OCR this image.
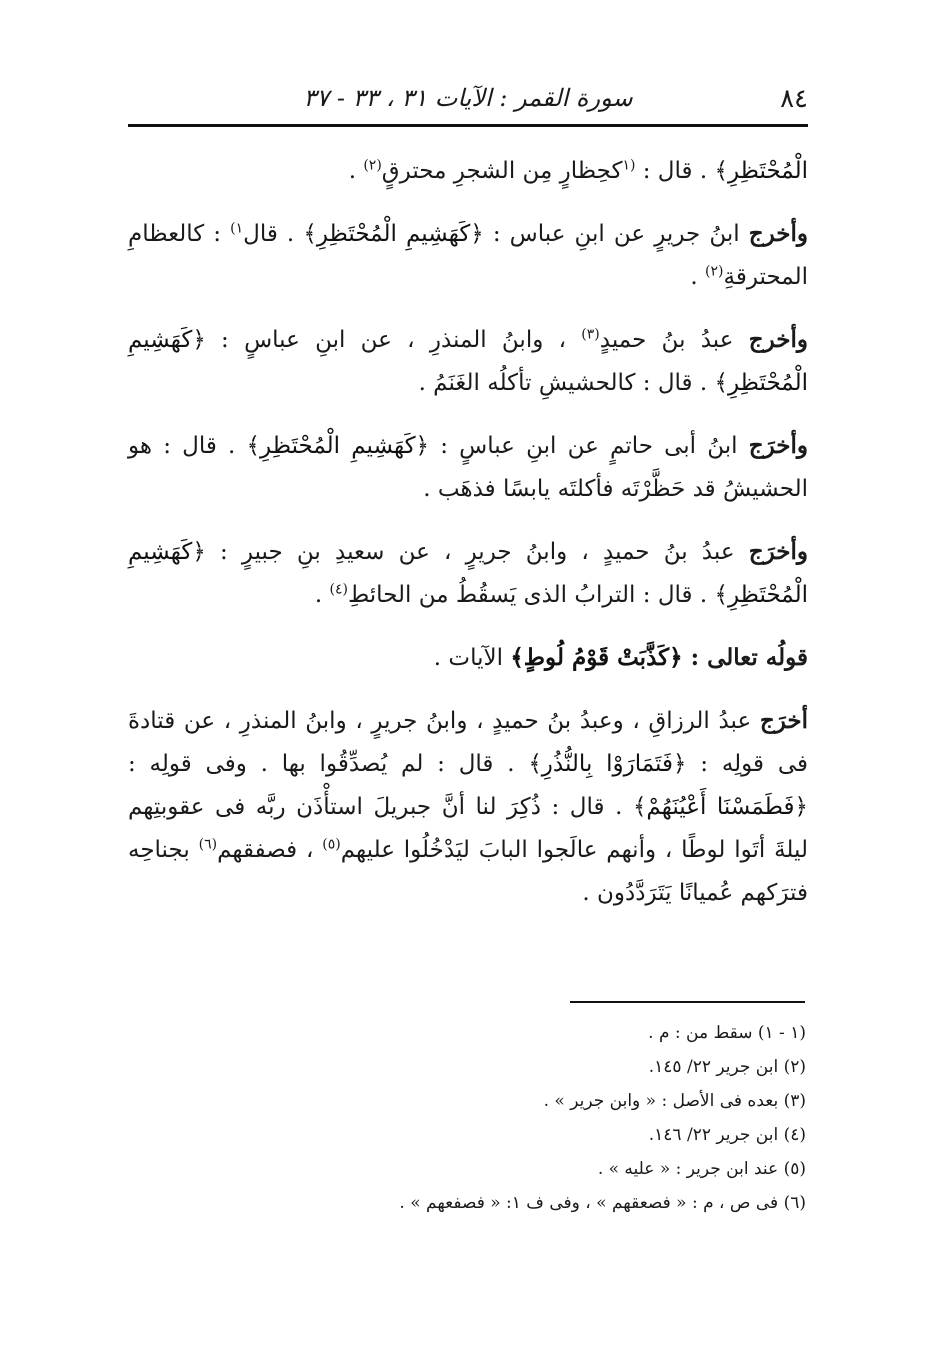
٨٤
سورة القمر : الآيات ٣١ ، ٣٣ - ٣٧

الْمُحْتَظِرِ﴾ . قال : $^{(١}$كحِظارٍ مِن الشجرِ محترقٍ$^{(٢)}$ .

وأخرج ابنُ جريرٍ عن ابنِ عباس : ﴿كَهَشِيمِ الْمُحْتَظِرِ﴾ . قال$^{١)}$ : كالعظامِ المحترقةِ$^{(٢)}$ .

وأخرج عبدُ بنُ حميدٍ$^{(٣)}$ ، وابنُ المنذرِ ، عن ابنِ عباسٍ : ﴿كَهَشِيمِ الْمُحْتَظِرِ﴾ . قال : كالحشيشِ تأكلُه الغَنَمُ .

وأخرَج ابنُ أبى حاتمٍ عن ابنِ عباسٍ : ﴿كَهَشِيمِ الْمُحْتَظِرِ﴾ . قال : هو الحشيشُ قد حَظَّرْتَه فأكلتَه يابسًا فذهَب .

وأخرَج عبدُ بنُ حميدٍ ، وابنُ جريرٍ ، عن سعيدِ بنِ جبيرٍ : ﴿كَهَشِيمِ الْمُحْتَظِرِ﴾ . قال : الترابُ الذى يَسقُطُ من الحائطِ$^{(٤)}$ .

قولُه تعالى : ﴿كَذَّبَتْ قَوْمُ لُوطٍ﴾ الآيات .

أخرَج عبدُ الرزاقِ ، وعبدُ بنُ حميدٍ ، وابنُ جريرٍ ، وابنُ المنذرِ ، عن قتادةَ فى قولِه : ﴿فَتَمَارَوْا بِالنُّذُرِ﴾ . قال : لم يُصدِّقُوا بها . وفى قولِه : ﴿فَطَمَسْنَا أَعْيُنَهُمْ﴾ . قال : ذُكِرَ لنا أنَّ جبريلَ استأْذَن ربَّه فى عقوبتِهم ليلةَ أتَوا لوطًا ، وأنهم عالَجوا البابَ ليَدْخُلُوا عليهم$^{(٥)}$ ، فصفقهم$^{(٦)}$ بجناحِه فترَكهم عُميانًا يَتَرَدَّدُون .

(١ - ١) سقط من : م .

(٢) ابن جرير ٢٢/ ١٤٥.

(٣) بعده فى الأصل : « وابن جرير » .

(٤) ابن جرير ٢٢/ ١٤٦.

(٥) عند ابن جرير : « عليه » .

(٦) فى ص ، م : « فصعقهم » ، وفى ف ١: « فصفعهم » .
